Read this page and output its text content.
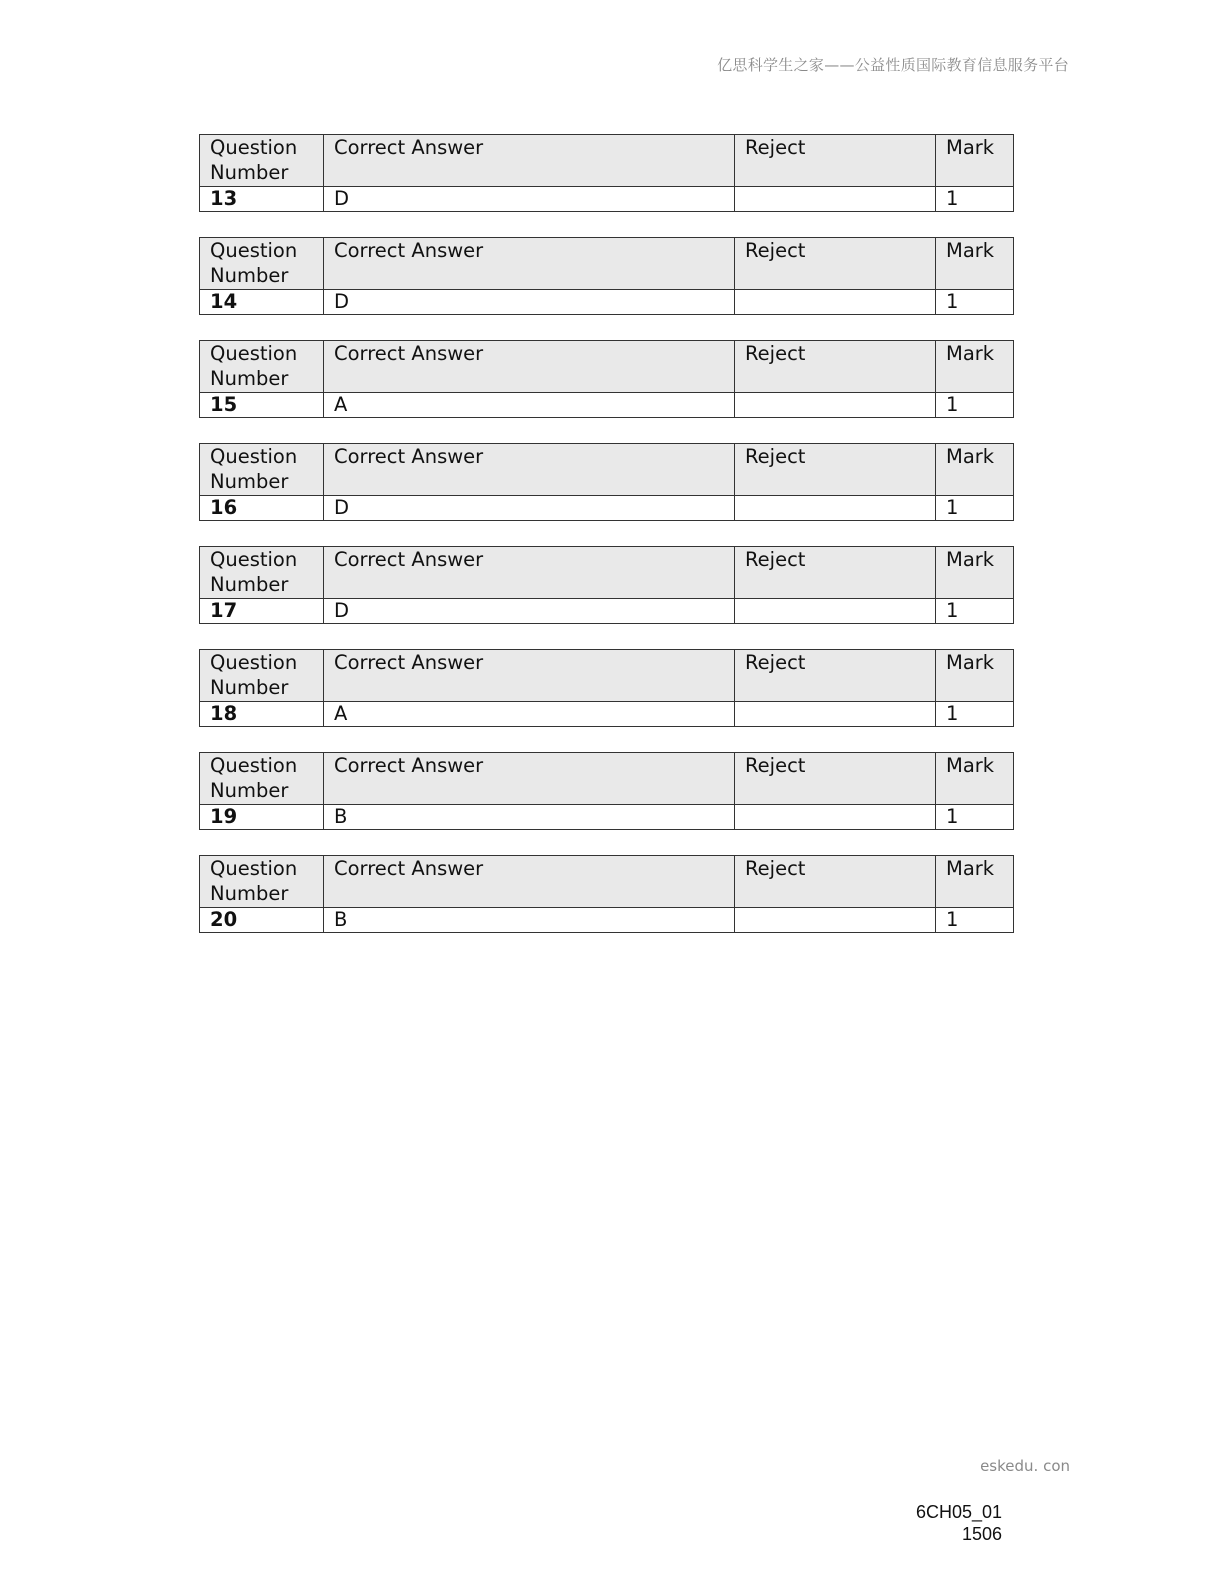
亿思科学生之家——公益性质国际教育信息服务平台
Question Number	Correct Answer	Reject	Mark
13	D		1
Question Number	Correct Answer	Reject	Mark
14	D		1
Question Number	Correct Answer	Reject	Mark
15	A		1
Question Number	Correct Answer	Reject	Mark
16	D		1
Question Number	Correct Answer	Reject	Mark
17	D		1
Question Number	Correct Answer	Reject	Mark
18	A		1
Question Number	Correct Answer	Reject	Mark
19	B		1
Question Number	Correct Answer	Reject	Mark
20	B		1
eskedu. con
6CH05_01
1506
